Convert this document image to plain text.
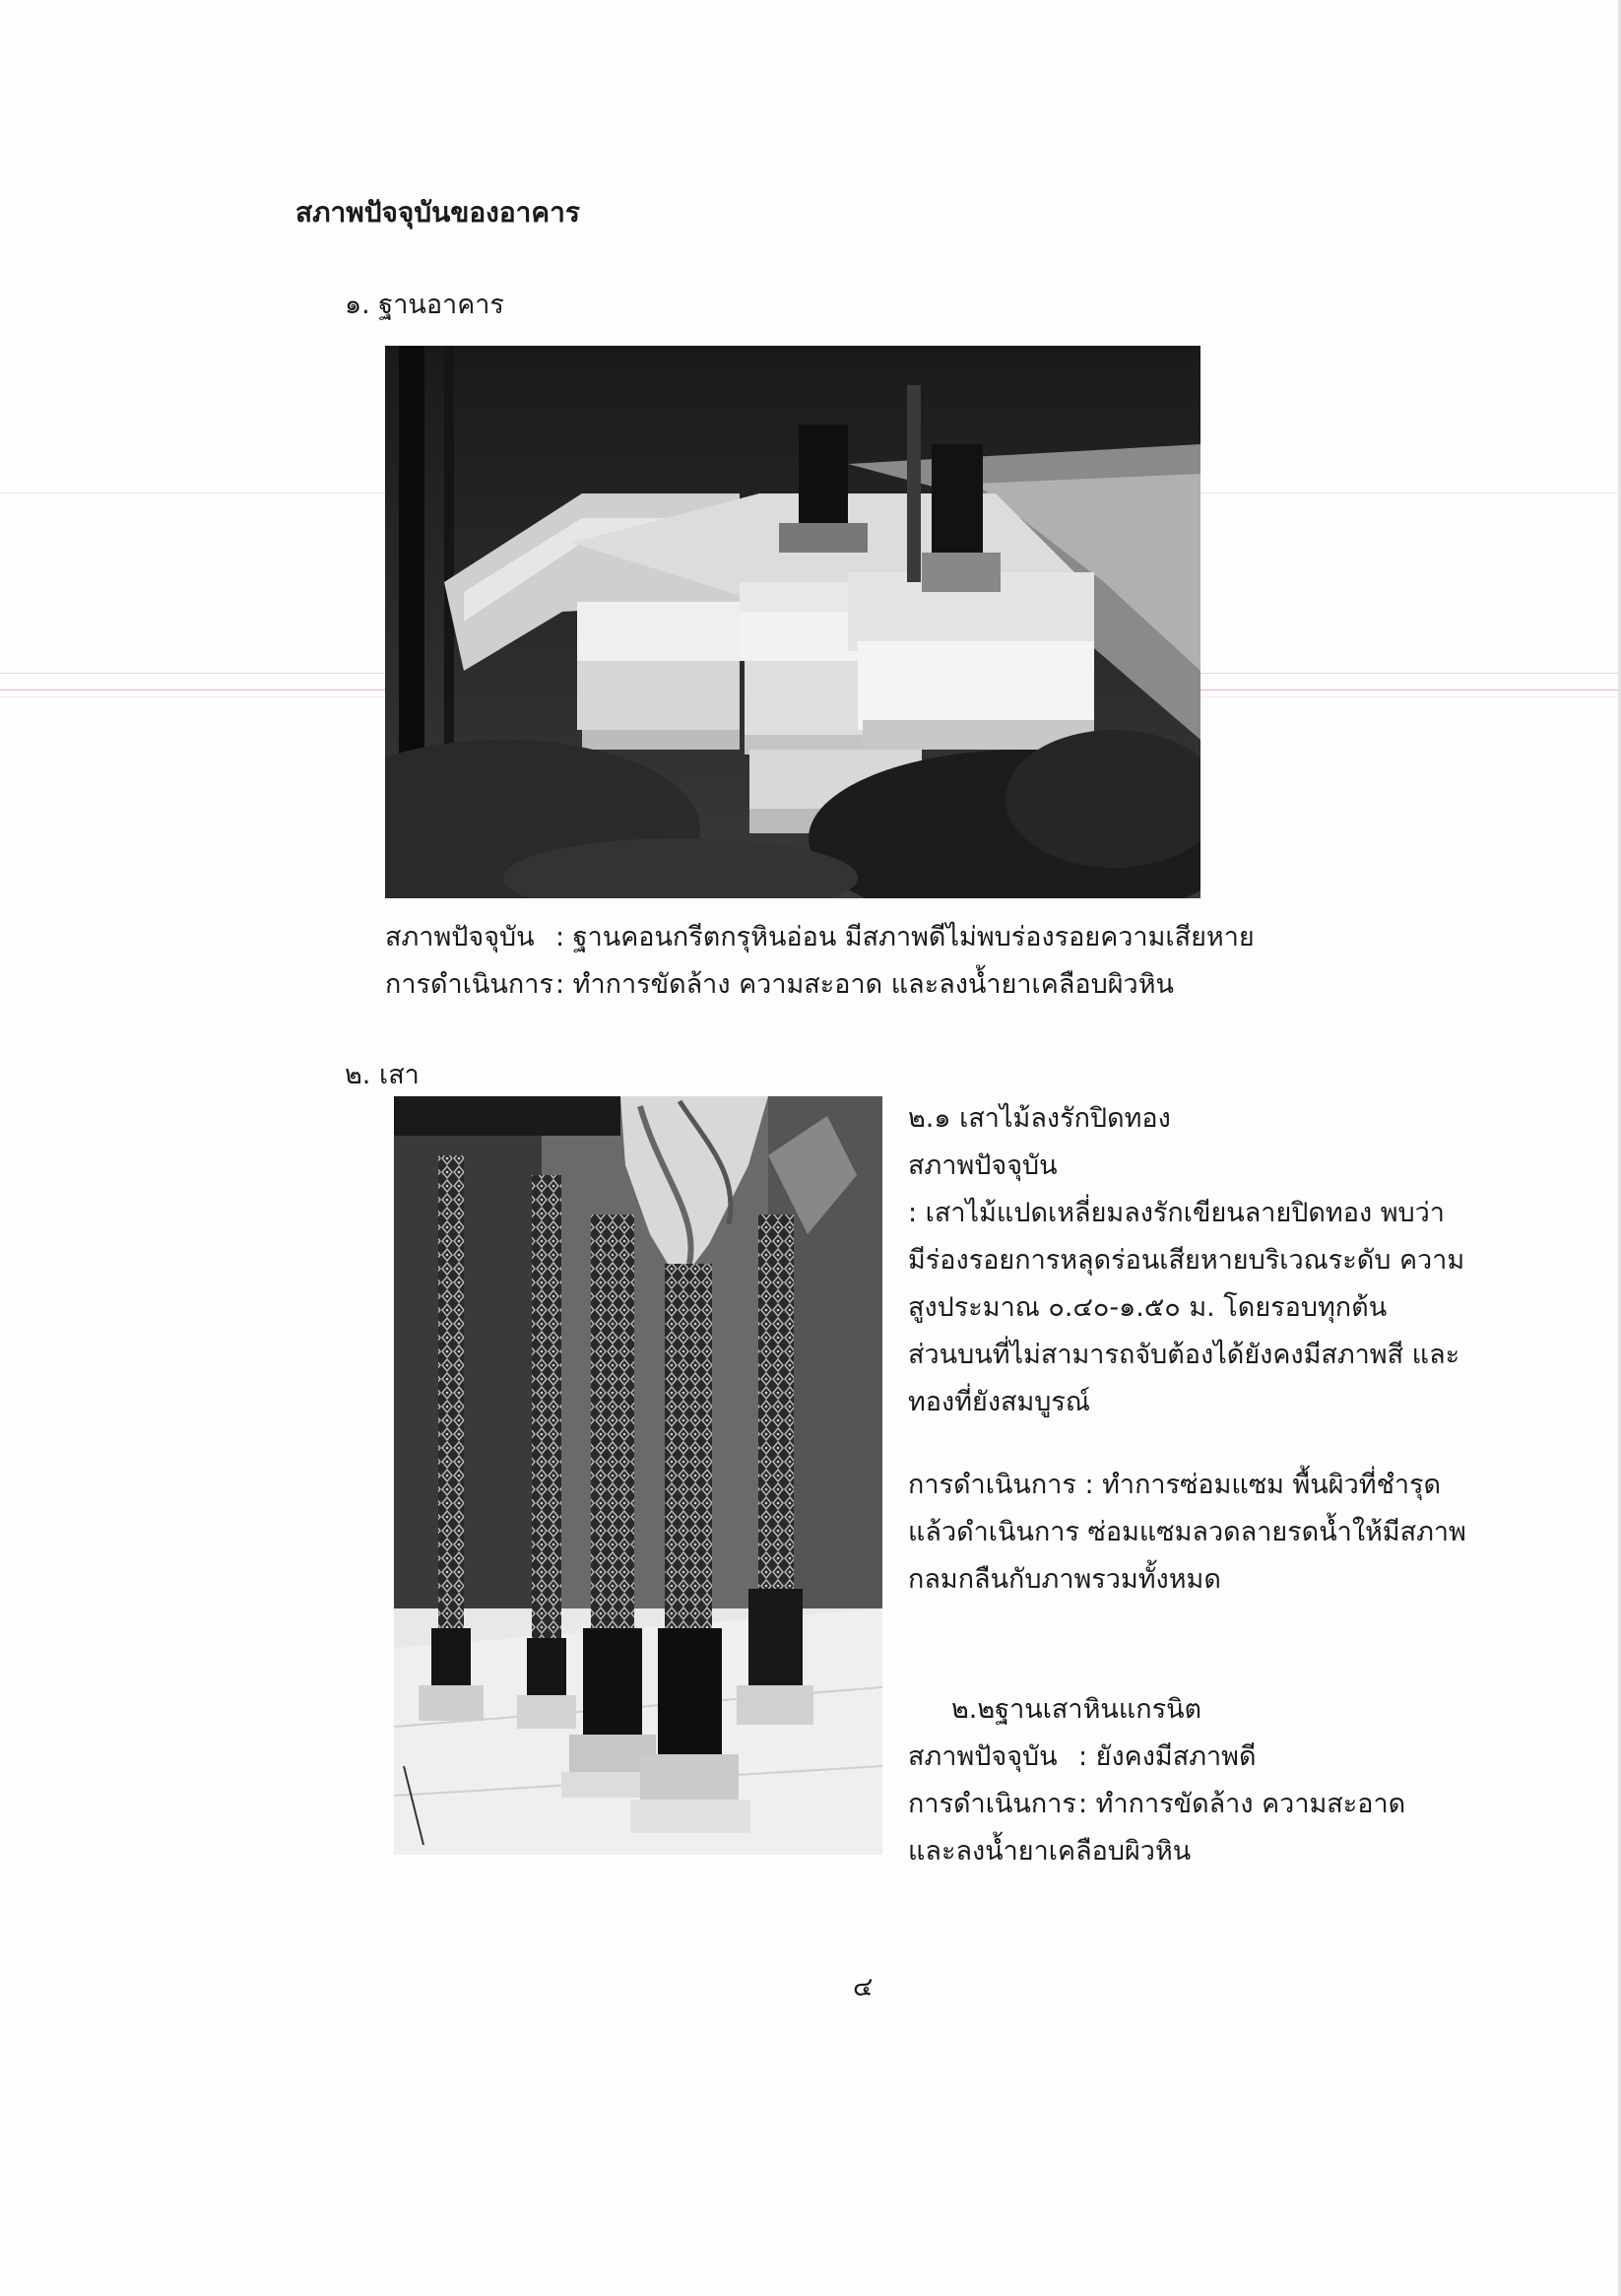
สภาพปัจจุบันของอาคาร
๑. ฐานอาคาร
สภาพปัจจุบัน : ฐานคอนกรีตกรุหินอ่อน มีสภาพดีไม่พบร่องรอยความเสียหาย
การดำเนินการ: ทำการขัดล้าง ความสะอาด และลงน้ำยาเคลือบผิวหิน
๒. เสา
๒.๑ เสาไม้ลงรักปิดทอง
สภาพปัจจุบัน
: เสาไม้แปดเหลี่ยมลงรักเขียนลายปิดทอง พบว่า
มีร่องรอยการหลุดร่อนเสียหายบริเวณระดับ ความ
สูงประมาณ ๐.๔๐-๑.๕๐ ม. โดยรอบทุกต้น
ส่วนบนที่ไม่สามารถจับต้องได้ยังคงมีสภาพสี และ
ทองที่ยังสมบูรณ์
การดำเนินการ : ทำการซ่อมแซม พื้นผิวที่ชำรุด
แล้วดำเนินการ ซ่อมแซมลวดลายรดน้ำให้มีสภาพ
กลมกลืนกับภาพรวมทั้งหมด
๒.๒ฐานเสาหินแกรนิต
สภาพปัจจุบัน : ยังคงมีสภาพดี
การดำเนินการ: ทำการขัดล้าง ความสะอาด
และลงน้ำยาเคลือบผิวหิน
๔
